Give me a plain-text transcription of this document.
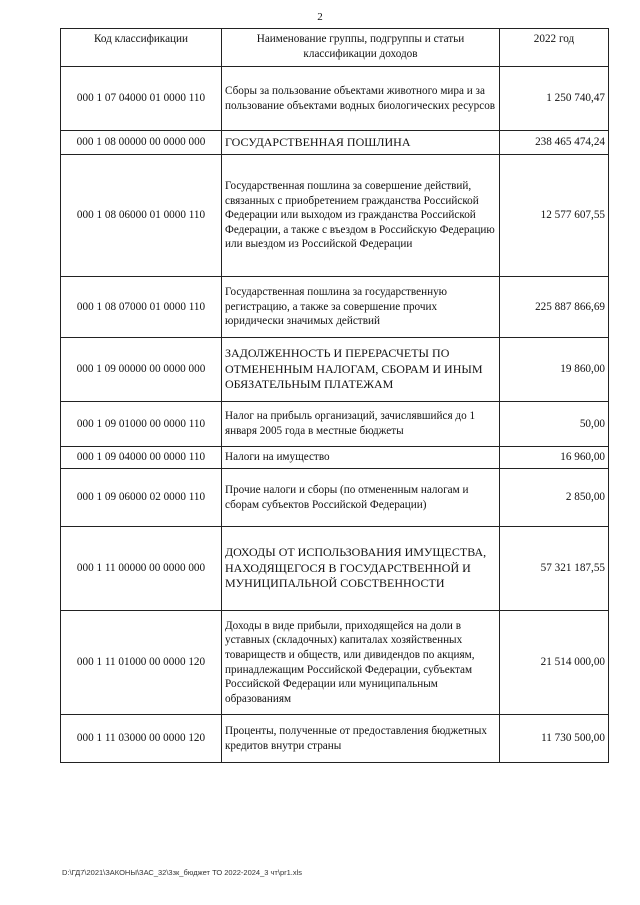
2
Код классификации	Наименование группы, подгруппы и статьи классификации доходов	2022 год
000 1 07 04000 01 0000 110	Сборы за пользование объектами животного мира и за пользование объектами водных биологических ресурсов	1 250 740,47
000 1 08 00000 00 0000 000	ГОСУДАРСТВЕННАЯ ПОШЛИНА	238 465 474,24
000 1 08 06000 01 0000 110	Государственная пошлина за совершение действий, связанных с приобретением гражданства Российской Федерации или выходом из гражданства Российской Федерации, а также с въездом в Российскую Федерацию или выездом из Российской Федерации	12 577 607,55
000 1 08 07000 01 0000 110	Государственная пошлина за государственную регистрацию, а также за совершение прочих юридически значимых действий	225 887 866,69
000 1 09 00000 00 0000 000	ЗАДОЛЖЕННОСТЬ И ПЕРЕРАСЧЕТЫ ПО ОТМЕНЕННЫМ НАЛОГАМ, СБОРАМ И ИНЫМ ОБЯЗАТЕЛЬНЫМ ПЛАТЕЖАМ	19 860,00
000 1 09 01000 00 0000 110	Налог на прибыль организаций, зачислявшийся до 1 января 2005 года в местные бюджеты	50,00
000 1 09 04000 00 0000 110	Налоги на имущество	16 960,00
000 1 09 06000 02 0000 110	Прочие налоги и сборы (по отмененным налогам и сборам субъектов Российской Федерации)	2 850,00
000 1 11 00000 00 0000 000	ДОХОДЫ ОТ ИСПОЛЬЗОВАНИЯ ИМУЩЕСТВА, НАХОДЯЩЕГОСЯ В ГОСУДАРСТВЕННОЙ И МУНИЦИПАЛЬНОЙ СОБСТВЕННОСТИ	57 321 187,55
000 1 11 01000 00 0000 120	Доходы в виде прибыли, приходящейся на доли в уставных (складочных) капиталах хозяйственных товариществ и обществ, или дивидендов по акциям, принадлежащим Российской Федерации, субъектам Российской Федерации или муниципальным образованиям	21 514 000,00
000 1 11 03000 00 0000 120	Проценты, полученные от предоставления бюджетных кредитов внутри страны	11 730 500,00
D:\ГД7\2021\ЗАКОНЫ\ЗАС_32\3зк_бюджет ТО 2022-2024_3 чт\pr1.xls
